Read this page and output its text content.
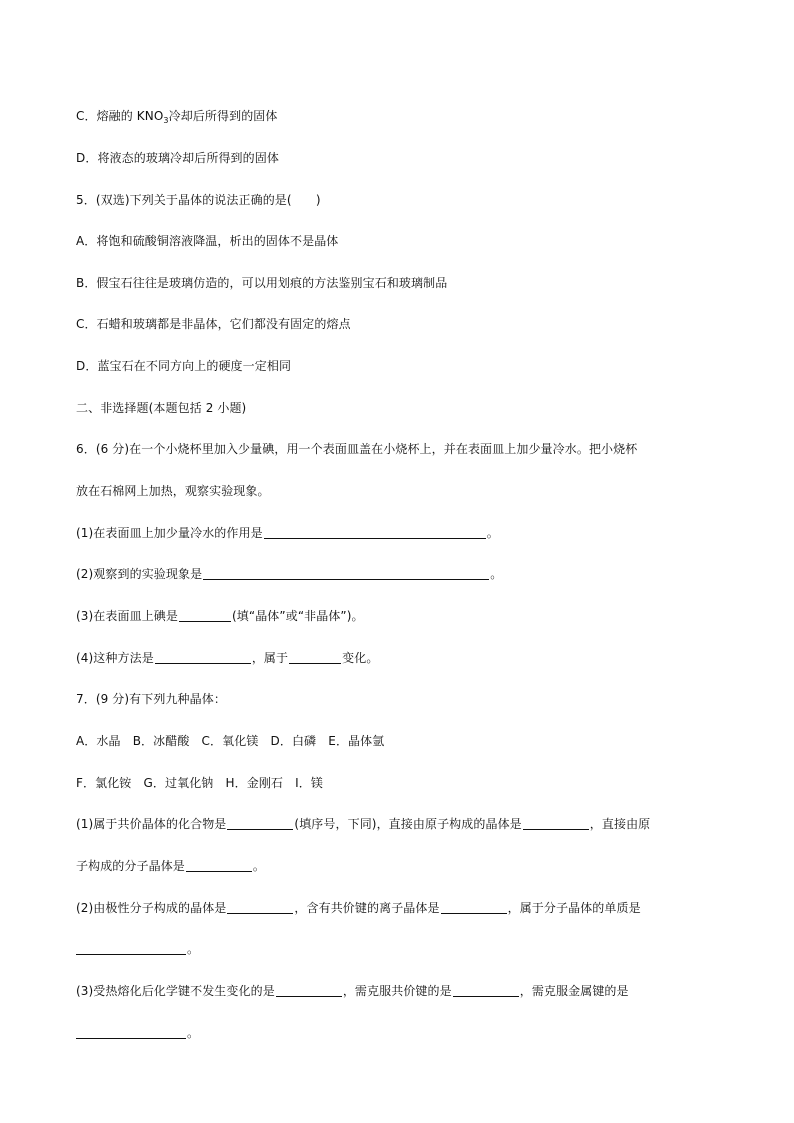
C．熔融的 $KNO_3$冷却后所得到的固体
D．将液态的玻璃冷却后所得到的固体
5．(双选)下列关于晶体的说法正确的是(　　)
A．将饱和硫酸铜溶液降温，析出的固体不是晶体
B．假宝石往往是玻璃仿造的，可以用划痕的方法鉴别宝石和玻璃制品
C．石蜡和玻璃都是非晶体，它们都没有固定的熔点
D．蓝宝石在不同方向上的硬度一定相同
二、非选择题(本题包括 2 小题)
6．(6 分)在一个小烧杯里加入少量碘，用一个表面皿盖在小烧杯上，并在表面皿上加少量冷水。把小烧杯
放在石棉网上加热，观察实验现象。
(1)在表面皿上加少量冷水的作用是	。
(2)观察到的实验现象是	。
(3)在表面皿上碘是	(填“晶体”或“非晶体”)。
(4)这种方法是	，属于	变化。
7．(9 分)有下列九种晶体：
A．水晶　B．冰醋酸　C．氧化镁　D．白磷　E．晶体氩
F．氯化铵　G．过氧化钠　H．金刚石　I．镁
(1)属于共价晶体的化合物是	(填序号，下同)，直接由原子构成的晶体是	，直接由原
子构成的分子晶体是	。
(2)由极性分子构成的晶体是	，含有共价键的离子晶体是	，属于分子晶体的单质是
。
(3)受热熔化后化学键不发生变化的是	，需克服共价键的是	，需克服金属键的是
。
